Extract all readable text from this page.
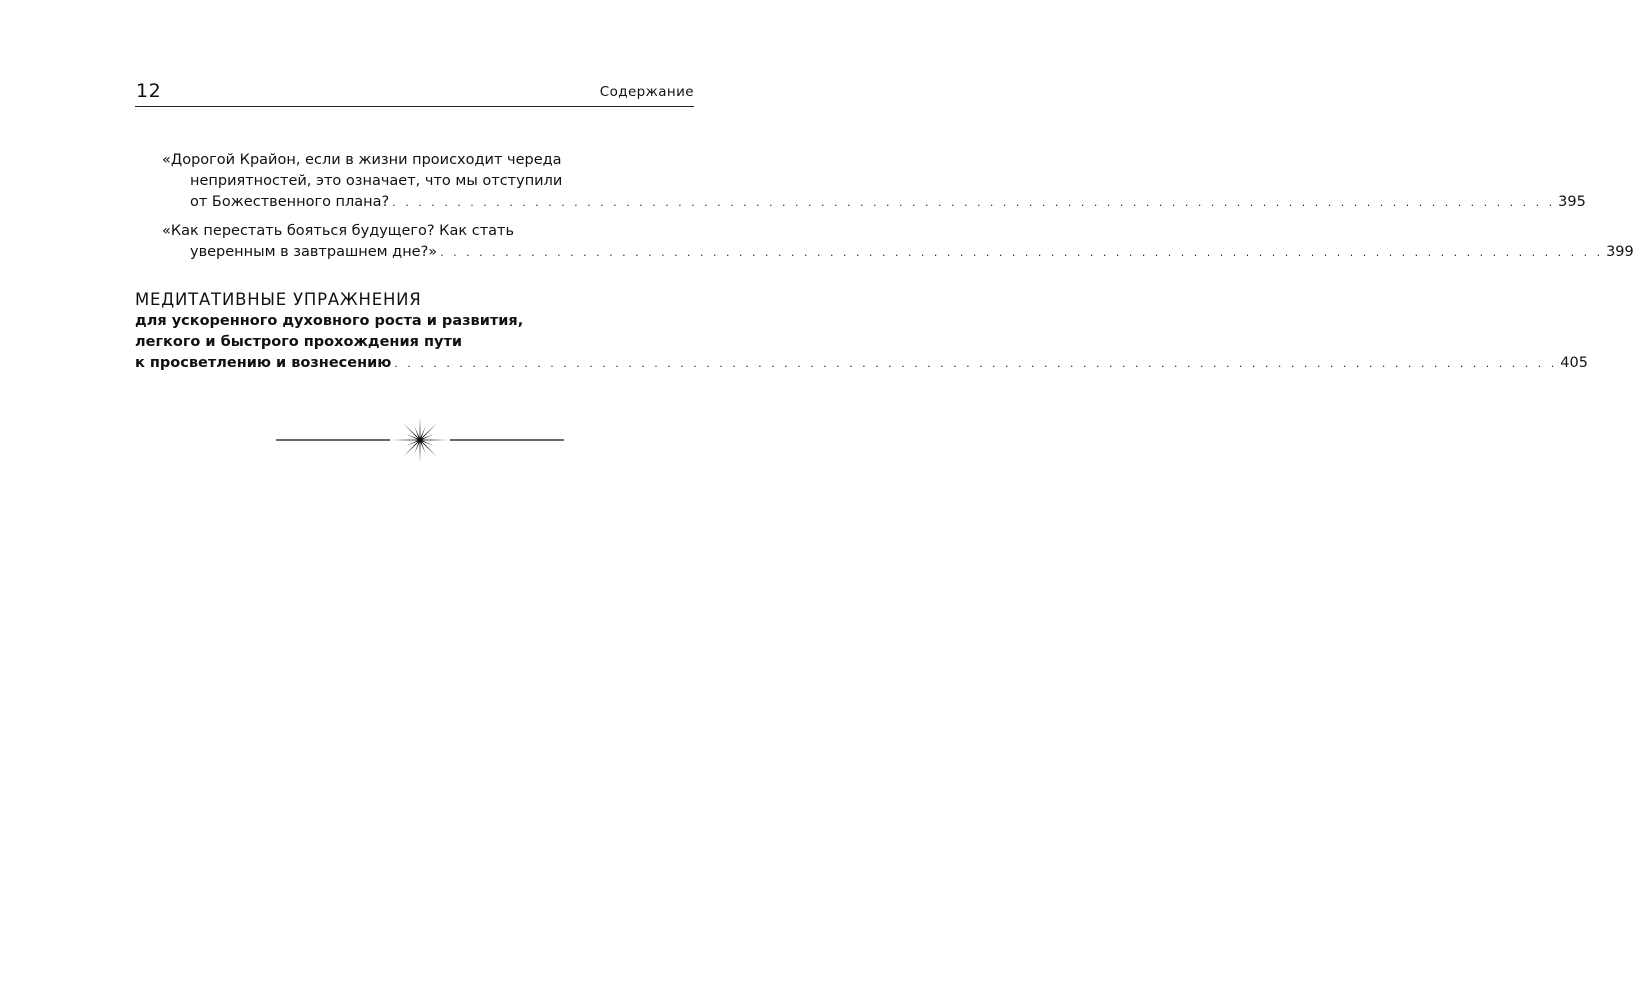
12	Содержание
«Дорогой Крайон, если в жизни происходит череда
неприятностей, это означает, что мы отступили
от Божественного плана? . . . . . . . . . . . . . . . . . . . . . . . . . . . . . . . . . . . . . . . . . . . . . . . . . . . . . . . . . . . . . . . . . . . . . . . . . . . . . . . . . . . . . . . . . . 395
«Как перестать бояться будущего? Как стать
уверенным в завтрашнем дне?» . . . . . . . . . . . . . . . . . . . . . . . . . . . . . . . . . . . . . . . . . . . . . . . . . . . . . . . . . . . . . . . . . . . . . . . . . . . . . . . . . . . . . . . . . . 399
МЕДИТАТИВНЫЕ УПРАЖНЕНИЯ
для ускоренного духовного роста и развития,
легкого и быстрого прохождения пути
к просветлению и вознесению . . . . . . . . . . . . . . . . . . . . . . . . . . . . . . . . . . . . . . . . . . . . . . . . . . . . . . . . . . . . . . . . . . . . . . . . . . . . . . . . . . . . . . . . . . 405
